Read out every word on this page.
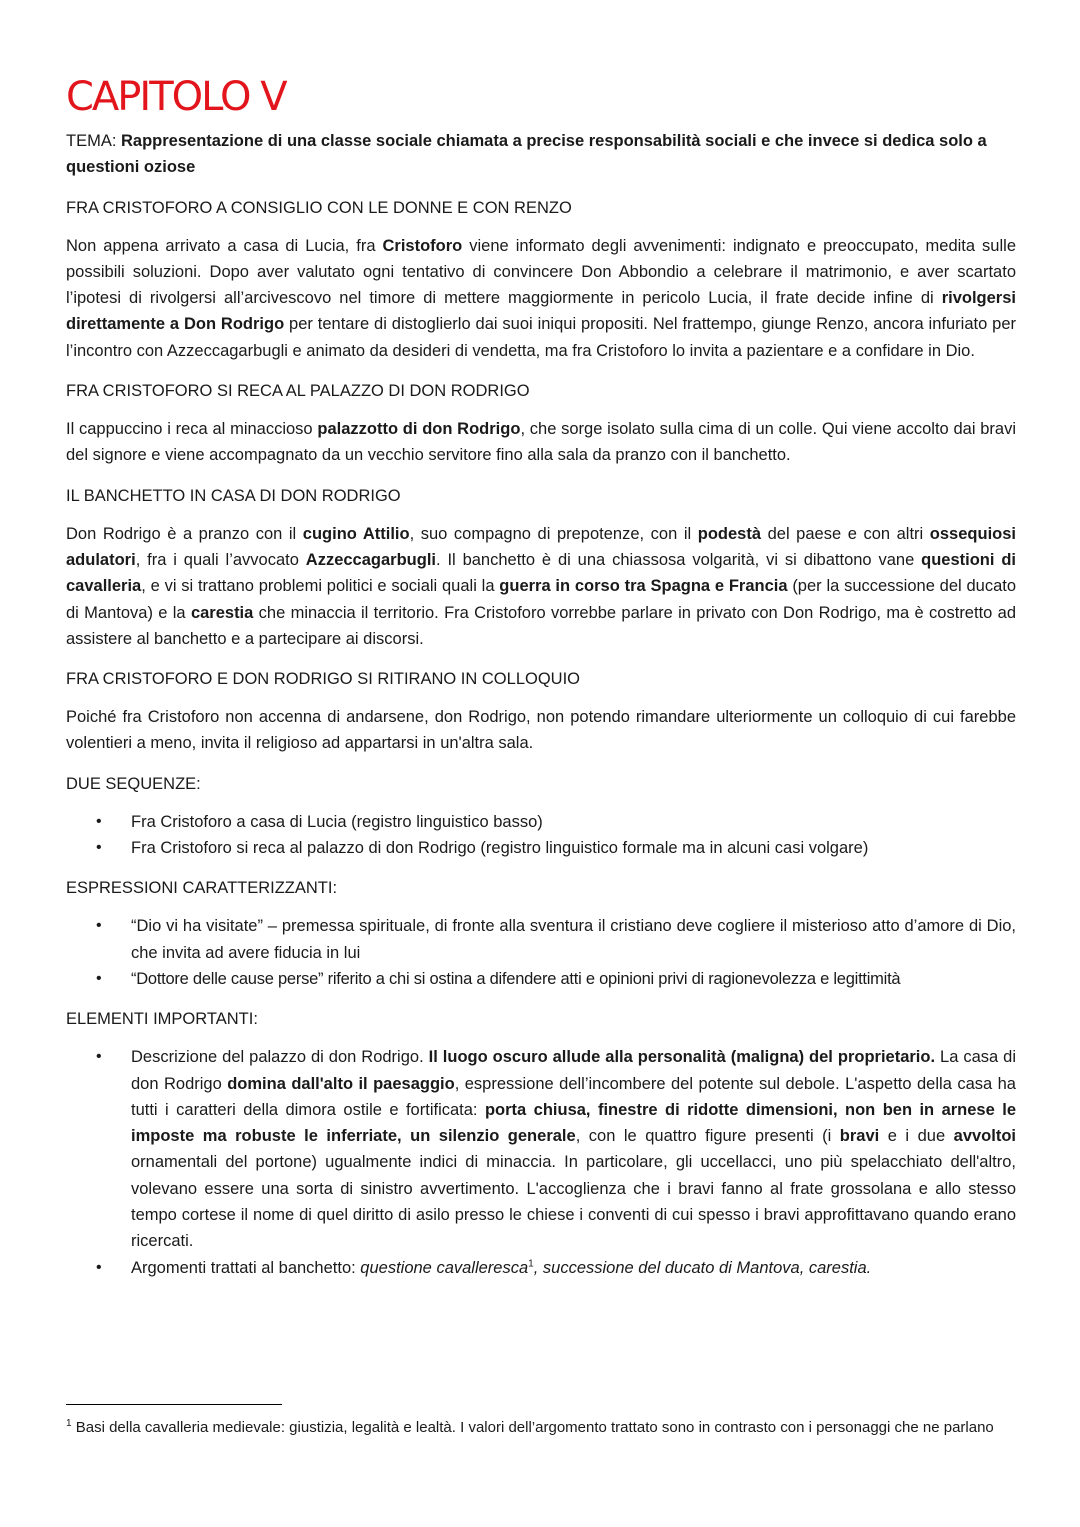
CAPITOLO V

TEMA: Rappresentazione di una classe sociale chiamata a precise responsabilità sociali e che invece si dedica solo a questioni oziose

FRA CRISTOFORO A CONSIGLIO CON LE DONNE E CON RENZO

Non appena arrivato a casa di Lucia, fra Cristoforo viene informato degli avvenimenti: indignato e preoccupato, medita sulle possibili soluzioni. Dopo aver valutato ogni tentativo di convincere Don Abbondio a celebrare il matrimonio, e aver scartato l’ipotesi di rivolgersi all’arcivescovo nel timore di mettere maggiormente in pericolo Lucia, il frate decide infine di rivolgersi direttamente a Don Rodrigo per tentare di distoglierlo dai suoi iniqui propositi. Nel frattempo, giunge Renzo, ancora infuriato per l’incontro con Azzeccagarbugli e animato da desideri di vendetta, ma fra Cristoforo lo invita a pazientare e a confidare in Dio.

FRA CRISTOFORO SI RECA AL PALAZZO DI DON RODRIGO

Il cappuccino i reca al minaccioso palazzotto di don Rodrigo, che sorge isolato sulla cima di un colle. Qui viene accolto dai bravi del signore e viene accompagnato da un vecchio servitore fino alla sala da pranzo con il banchetto.

IL BANCHETTO IN CASA DI DON RODRIGO

Don Rodrigo è a pranzo con il cugino Attilio, suo compagno di prepotenze, con il podestà del paese e con altri ossequiosi adulatori, fra i quali l’avvocato Azzeccagarbugli. Il banchetto è di una chiassosa volgarità, vi si dibattono vane questioni di cavalleria, e vi si trattano problemi politici e sociali quali la guerra in corso tra Spagna e Francia (per la successione del ducato di Mantova) e la carestia che minaccia il territorio. Fra Cristoforo vorrebbe parlare in privato con Don Rodrigo, ma è costretto ad assistere al banchetto e a partecipare ai discorsi.

FRA CRISTOFORO E DON RODRIGO SI RITIRANO IN COLLOQUIO

Poiché fra Cristoforo non accenna di andarsene, don Rodrigo, non potendo rimandare ulteriormente un colloquio di cui farebbe volentieri a meno, invita il religioso ad appartarsi in un'altra sala.

DUE SEQUENZE:

• Fra Cristoforo a casa di Lucia (registro linguistico basso)
• Fra Cristoforo si reca al palazzo di don Rodrigo (registro linguistico formale ma in alcuni casi volgare)

ESPRESSIONI CARATTERIZZANTI:

• “Dio vi ha visitate” – premessa spirituale, di fronte alla sventura il cristiano deve cogliere il misterioso atto d’amore di Dio, che invita ad avere fiducia in lui
• “Dottore delle cause perse” riferito a chi si ostina a difendere atti e opinioni privi di ragionevolezza e legittimità

ELEMENTI IMPORTANTI:

• Descrizione del palazzo di don Rodrigo. Il luogo oscuro allude alla personalità (maligna) del proprietario. La casa di don Rodrigo domina dall'alto il paesaggio, espressione dell’incombere del potente sul debole. L'aspetto della casa ha tutti i caratteri della dimora ostile e fortificata: porta chiusa, finestre di ridotte dimensioni, non ben in arnese le imposte ma robuste le inferriate, un silenzio generale, con le quattro figure presenti (i bravi e i due avvoltoi ornamentali del portone) ugualmente indici di minaccia. In particolare, gli uccellacci, uno più spelacchiato dell'altro, volevano essere una sorta di sinistro avvertimento. L'accoglienza che i bravi fanno al frate grossolana e allo stesso tempo cortese il nome di quel diritto di asilo presso le chiese i conventi di cui spesso i bravi approfittavano quando erano ricercati.
• Argomenti trattati al banchetto: questione cavalleresca$^1$, successione del ducato di Mantova, carestia.

$^1$ Basi della cavalleria medievale: giustizia, legalità e lealtà. I valori dell’argomento trattato sono in contrasto con i personaggi che ne parlano
